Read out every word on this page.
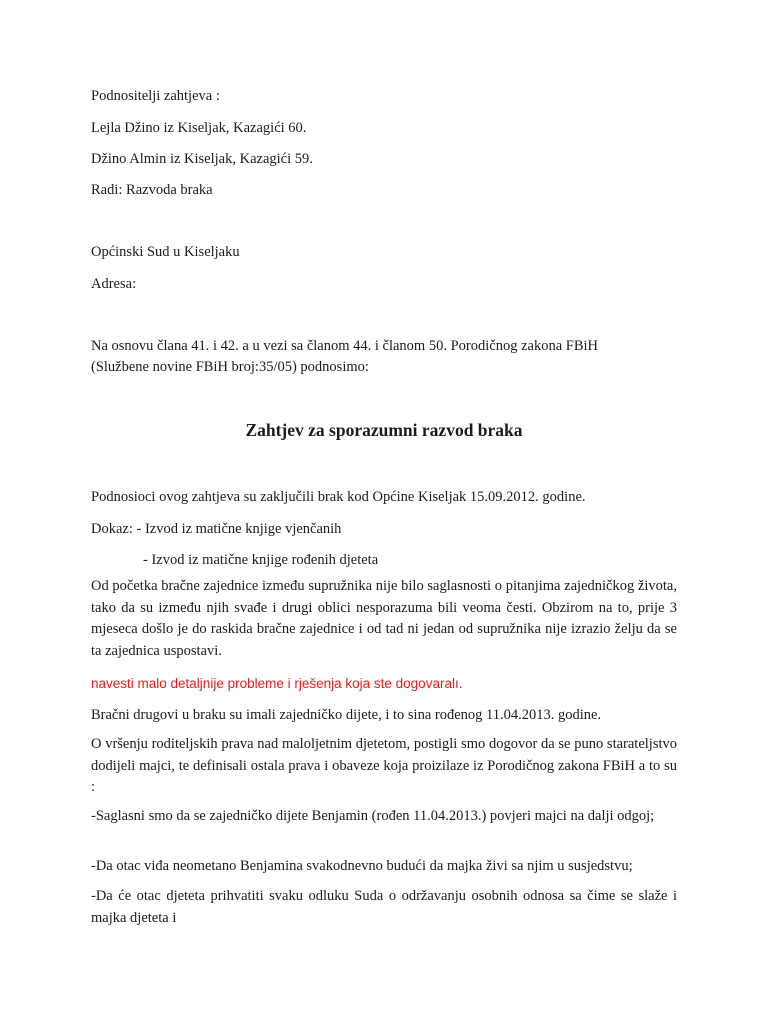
Podnositelji zahtjeva :
Lejla Džino iz Kiseljak, Kazagići 60.
Džino Almin iz Kiseljak, Kazagići 59.
Radi: Razvoda braka
Općinski Sud u Kiseljaku
Adresa:
Na osnovu člana 41. i 42. a u vezi sa članom 44. i članom 50. Porodičnog zakona FBiH
(Službene novine FBiH broj:35/05) podnosimo:
Zahtjev za sporazumni razvod braka
Podnosioci ovog zahtjeva su zaključili brak kod Općine Kiseljak 15.09.2012. godine.
Dokaz: - Izvod iz matične knjige vjenčanih
- Izvod iz matične knjige rođenih djeteta
Od početka bračne zajednice između supružnika nije bilo saglasnosti o pitanjima zajedničkog života, tako da su između njih svađe i drugi oblici nesporazuma bili veoma česti. Obzirom na to, prije 3 mjeseca došlo je do raskida bračne zajednice i od tad ni jedan od supružnika nije izrazio želju da se ta zajednica uspostavi.
navesti malo detaljnije probleme i rješenja koja ste dogovaralı.
Bračni drugovi u braku su imali zajedničko dijete, i to sina rođenog 11.04.2013. godine.
O vršenju roditeljskih prava nad maloljetnim djetetom, postigli smo dogovor da se puno starateljstvo dodijeli majci, te definisali ostala prava i obaveze koja proizilaze iz Porodičnog zakona FBiH a to su :
-Saglasni smo da se zajedničko dijete Benjamin (rođen 11.04.2013.) povjeri majci na dalji odgoj;
-Da otac viđa neometano Benjamina svakodnevno budući da majka živi sa njim u susjedstvu;
-Da će otac djeteta prihvatiti svaku odluku Suda o održavanju osobnih odnosa sa čime se slaže i majka djeteta i
